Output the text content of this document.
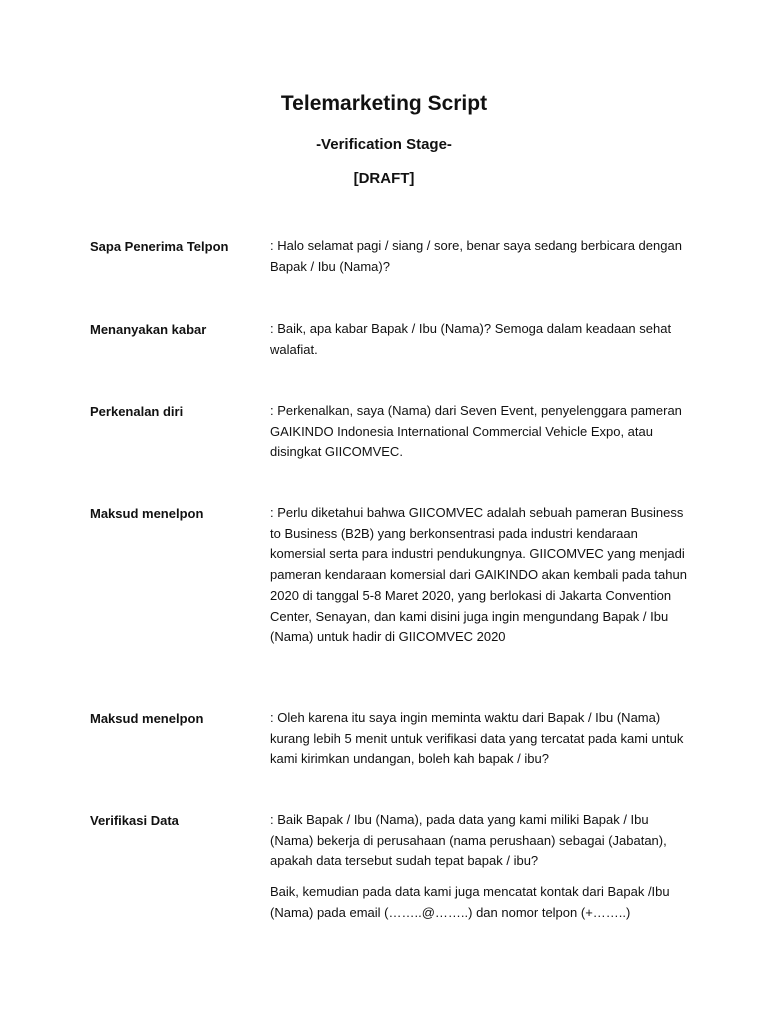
Telemarketing Script
-Verification Stage-
[DRAFT]
Sapa Penerima Telpon	: Halo selamat pagi / siang / sore, benar saya sedang berbicara dengan Bapak / Ibu (Nama)?
Menanyakan kabar	: Baik, apa kabar Bapak / Ibu (Nama)? Semoga dalam keadaan sehat walafiat.
Perkenalan diri	: Perkenalkan, saya (Nama) dari Seven Event, penyelenggara pameran GAIKINDO Indonesia International Commercial Vehicle Expo, atau disingkat GIICOMVEC.
Maksud menelpon	: Perlu diketahui bahwa GIICOMVEC adalah sebuah pameran Business to Business (B2B) yang berkonsentrasi pada industri kendaraan komersial serta para industri pendukungnya. GIICOMVEC yang menjadi pameran kendaraan komersial dari GAIKINDO akan kembali pada tahun 2020 di tanggal 5-8 Maret 2020, yang berlokasi di Jakarta Convention Center, Senayan, dan kami disini juga ingin mengundang Bapak / Ibu (Nama) untuk hadir di GIICOMVEC 2020
Maksud menelpon	: Oleh karena itu saya ingin meminta waktu dari Bapak / Ibu (Nama) kurang lebih 5 menit untuk verifikasi data yang tercatat pada kami untuk kami kirimkan undangan, boleh kah bapak / ibu?
Verifikasi Data	: Baik Bapak / Ibu (Nama), pada data yang kami miliki Bapak / Ibu (Nama) bekerja di perusahaan (nama perushaan) sebagai (Jabatan), apakah data tersebut sudah tepat bapak / ibu?
Baik, kemudian pada data kami juga mencatat kontak dari Bapak /Ibu (Nama) pada email (……..@……..) dan nomor telpon (+……..)
